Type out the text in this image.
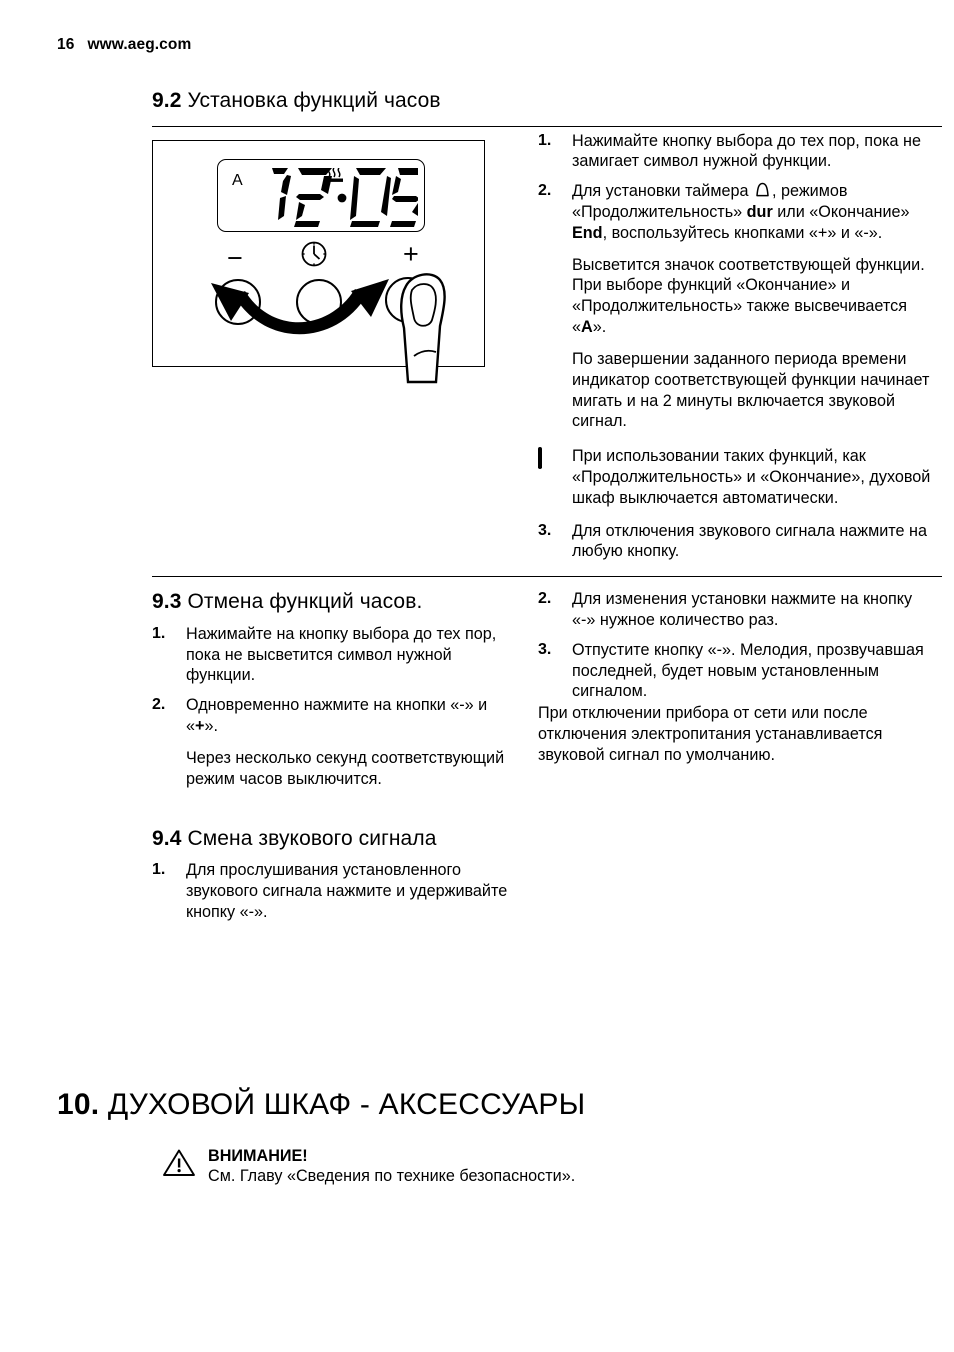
16 www.aeg.com
9.2 Установка функций часов
A
−	+
1.	Нажимайте кнопку выбора до тех пор, пока не замигает символ нужной функции.
2.	Для установки таймера , режимов «Продолжительность» dur или «Окончание» End, воспользуйтесь кнопками «+» и «-».
Высветится значок соответствующей функции. При выборе функций «Окончание» и «Продолжительность» также высвечивается «A».
По завершении заданного периода времени индикатор соответствующей функции начинает мигать и на 2 минуты включается звуковой сигнал.
При использовании таких функций, как «Продолжительность» и «Окончание», духовой шкаф выключается автоматически.
3.	Для отключения звукового сигнала нажмите на любую кнопку.
9.3 Отмена функций часов.
1.	Нажимайте на кнопку выбора до тех пор, пока не высветится символ нужной функции.
2.	Одновременно нажмите на кнопки «-» и «+».
Через несколько секунд соответствующий режим часов выключится.
9.4 Смена звукового сигнала
1.	Для прослушивания установленного звукового сигнала нажмите и удерживайте кнопку «-».
2.	Для изменения установки нажмите на кнопку «-» нужное количество раз.
3.	Отпустите кнопку «-». Мелодия, прозвучавшая последней, будет новым установленным сигналом.
При отключении прибора от сети или после отключения электропитания устанавливается звуковой сигнал по умолчанию.
10. ДУХОВОЙ ШКАФ - АКСЕССУАРЫ
ВНИМАНИЕ!
См. Главу «Сведения по технике безопасности».
